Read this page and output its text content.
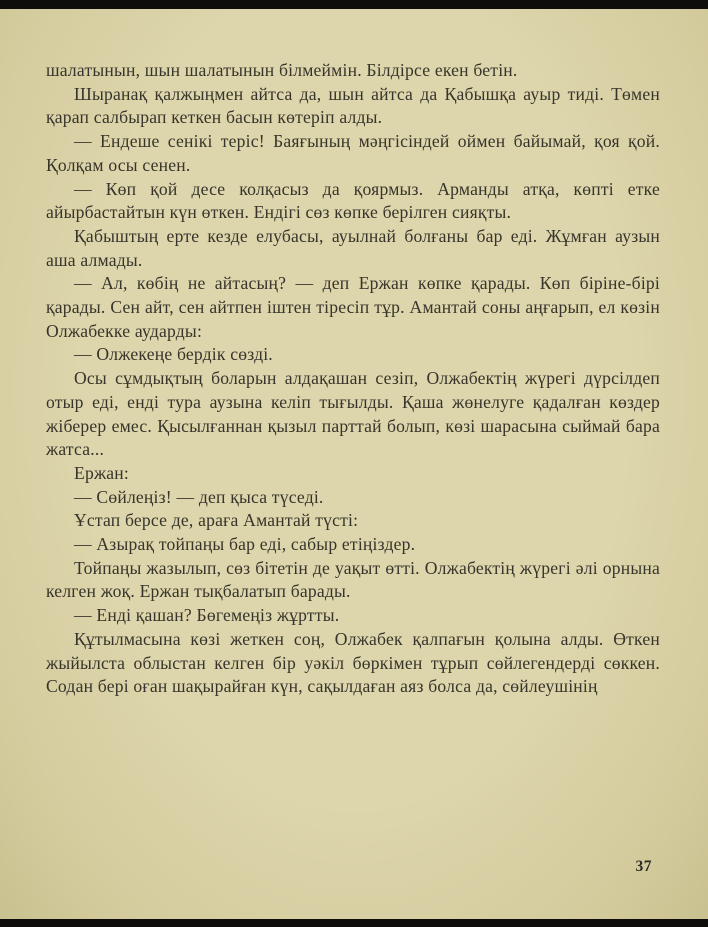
шалатынын, шын шалатынын білмеймін. Білдірсе екен бетін.

Шыранақ қалжыңмен айтса да, шын айтса да Қабышқа ауыр тиді. Төмен қарап салбырап кеткен басын көтеріп алды.

— Ендеше сенікі теріс! Баяғының мәңгісіндей оймен байымай, қоя қой. Қолқам осы сенен.

— Көп қой десе колқасыз да қоярмыз. Арманды атқа, көпті етке айырбастайтын күн өткен. Ендігі сөз көпке берілген сияқты.

Қабыштың ерте кезде елубасы, ауылнай болғаны бар еді. Жұмған аузын аша алмады.

— Ал, көбің не айтасың? — деп Ержан көпке қарады. Көп біріне-бірі қарады. Сен айт, сен айтпен іштен тіресіп тұр. Амантай соны аңғарып, ел көзін Олжабекке аударды:

— Олжекеңе бердік сөзді.

Осы сұмдықтың боларын алдақашан сезіп, Олжабектің жүрегі дүрсілдеп отыр еді, енді тура аузына келіп тығылды. Қаша жөнелуге қадалған көздер жіберер емес. Қысылғаннан қызыл парттай болып, көзі шарасына сыймай бара жатса...

Ержан:

— Сөйлеңіз! — деп қыса түседі.

Ұстап берсе де, араға Амантай түсті:

— Азырақ тойпаңы бар еді, сабыр етіңіздер.

Тойпаңы жазылып, сөз бітетін де уақыт өтті. Олжабектің жүрегі әлі орнына келген жоқ. Ержан тықбалатып барады.

— Енді қашан? Бөгемеңіз жұртты.

Құтылмасына көзі жеткен соң, Олжабек қалпағын қолына алды. Өткен жыйылста облыстан келген бір уәкіл бөркімен тұрып сөйлегендерді сөккен. Содан бері оған шақырайған күн, сақылдаған аяз болса да, сөйлеушінің

37
